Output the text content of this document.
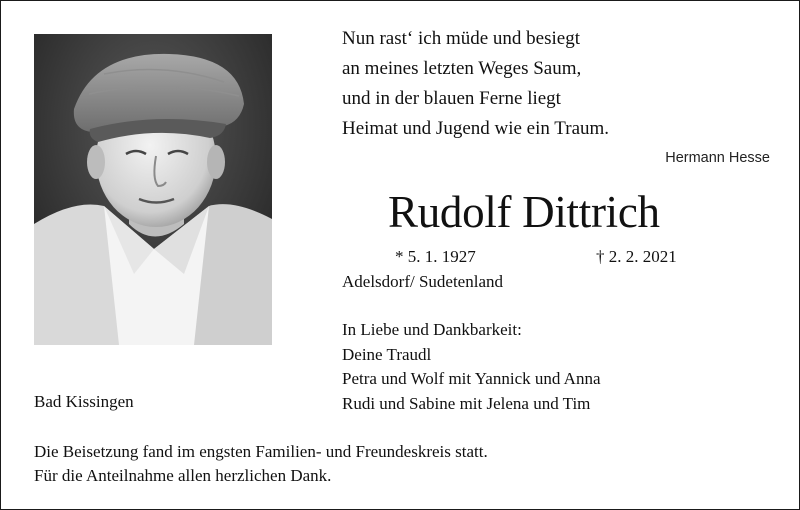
Nun rast‘ ich müde und besiegt
an meines letzten Weges Saum,
und in der blauen Ferne liegt
Heimat und Jugend wie ein Traum.
Hermann Hesse
Rudolf Dittrich
* 5. 1. 1927	† 2. 2. 2021
Adelsdorf/ Sudetenland
In Liebe und Dankbarkeit:
Deine Traudl
Petra und Wolf mit Yannick und Anna
Rudi und Sabine mit Jelena und Tim
Bad Kissingen
Die Beisetzung fand im engsten Familien- und Freundeskreis statt.
Für die Anteilnahme allen herzlichen Dank.
